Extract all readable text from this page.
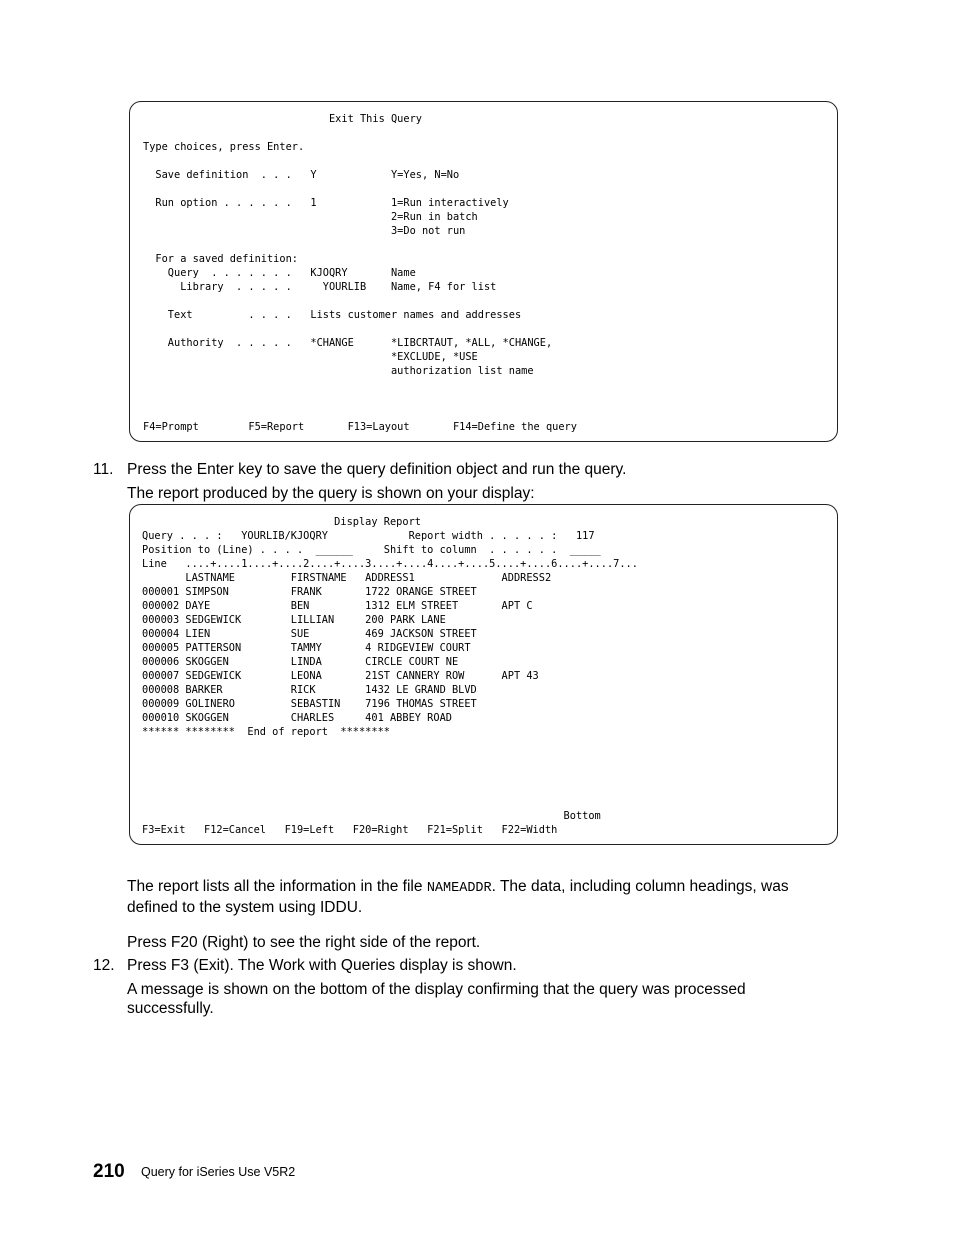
Exit This Query

Type choices, press Enter.

Save definition  . . .   Y            Y=Yes, N=No

Run option . . . . . .   1            1=Run interactively
2=Run in batch
3=Do not run

For a saved definition:
Query  . . . . . . .   KJOQRY       Name
Library  . . . . .     YOURLIB    Name, F4 for list

Text         . . . .   Lists customer names and addresses

Authority  . . . . .   *CHANGE      *LIBCRTAUT, *ALL, *CHANGE,
*EXCLUDE, *USE
authorization list name

F4=Prompt        F5=Report       F13=Layout       F14=Define the query
11. Press the Enter key to save the query definition object and run the query.
The report produced by the query is shown on your display:
Display Report
Query . . . :   YOURLIB/KJOQRY             Report width . . . . . :   117
Position to (Line) . . . .  ______     Shift to column  . . . . . .  _____
Line   ....+....1....+....2....+....3....+....4....+....5....+....6....+....7...
LASTNAME         FIRSTNAME   ADDRESS1              ADDRESS2
000001 SIMPSON          FRANK       1722 ORANGE STREET
000002 DAYE             BEN         1312 ELM STREET       APT C
000003 SEDGEWICK        LILLIAN     200 PARK LANE
000004 LIEN             SUE         469 JACKSON STREET
000005 PATTERSON        TAMMY       4 RIDGEVIEW COURT
000006 SKOGGEN          LINDA       CIRCLE COURT NE
000007 SEDGEWICK        LEONA       21ST CANNERY ROW      APT 43
000008 BARKER           RICK        1432 LE GRAND BLVD
000009 GOLINERO         SEBASTIN    7196 THOMAS STREET
000010 SKOGGEN          CHARLES     401 ABBEY ROAD
****** ********  End of report  ********

Bottom
F3=Exit   F12=Cancel   F19=Left   F20=Right   F21=Split   F22=Width
The report lists all the information in the file NAMEADDR. The data, including column headings, was defined to the system using IDDU.
Press F20 (Right) to see the right side of the report.
12. Press F3 (Exit). The Work with Queries display is shown.
A message is shown on the bottom of the display confirming that the query was processed successfully.
210 Query for iSeries Use V5R2
